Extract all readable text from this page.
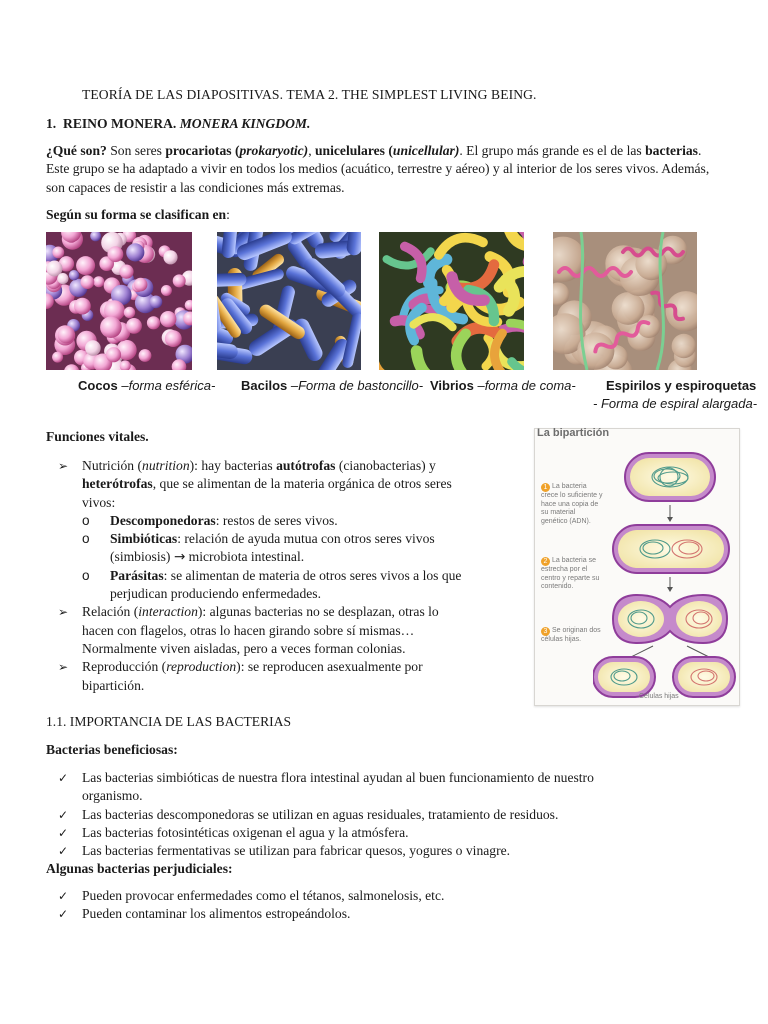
TEORÍA DE LAS DIAPOSITIVAS. TEMA 2. THE SIMPLEST LIVING BEING.
1. REINO MONERA. MONERA KINGDOM.

¿Qué son? Son seres procariotas (prokaryotic), unicelulares (unicellular). El grupo más grande es el de las bacterias. Este grupo se ha adaptado a vivir en todos los medios (acuático, terrestre y aéreo) y al interior de los seres vivos. Además, son capaces de resistir a las condiciones más extremas.

Según su forma se clasifican en:
Cocos –forma esférica- Bacilos –Forma de bastoncillo- Vibrios –forma de coma- Espirilos y espiroquetas
- Forma de espiral alargada-
Funciones vitales.
➢ Nutrición (nutrition): hay bacterias autótrofas (cianobacterias) y
heterótrofas, que se alimentan de la materia orgánica de otros seres
vivos:
o Descomponedoras: restos de seres vivos.
o Simbióticas: relación de ayuda mutua con otros seres vivos
(simbiosis) → microbiota intestinal.
o Parásitas: se alimentan de materia de otros seres vivos a los que
perjudican produciendo enfermedades.
➢ Relación (interaction): algunas bacterias no se desplazan, otras lo
hacen con flagelos, otras lo hacen girando sobre sí mismas…
Normalmente viven aisladas, pero a veces forman colonias.
➢ Reproducción (reproduction): se reproducen asexualmente por
bipartición.
La bipartición
1 La bacteria crece lo suficiente y hace una copia de su material genético (ADN).
2 La bacteria se estrecha por el centro y reparte su contenido.
3 Se originan dos células hijas.
Células hijas
1.1. IMPORTANCIA DE LAS BACTERIAS
Bacterias beneficiosas:
✓ Las bacterias simbióticas de nuestra flora intestinal ayudan al buen funcionamiento de nuestro
organismo.
✓ Las bacterias descomponedoras se utilizan en aguas residuales, tratamiento de residuos.
✓ Las bacterias fotosintéticas oxigenan el agua y la atmósfera.
✓ Las bacterias fermentativas se utilizan para fabricar quesos, yogures o vinagre.
Algunas bacterias perjudiciales:
✓ Pueden provocar enfermedades como el tétanos, salmonelosis, etc.
✓ Pueden contaminar los alimentos estropeándolos.
